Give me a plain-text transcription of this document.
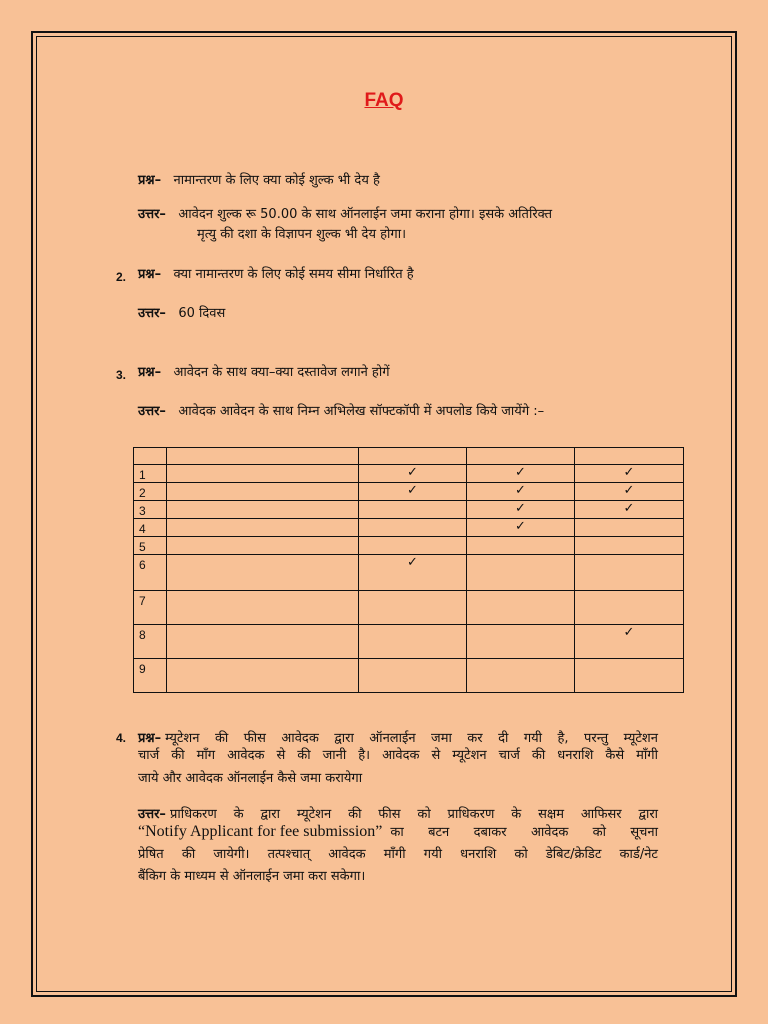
FAQ
प्रश्न– नामान्तरण के लिए क्या कोई शुल्क भी देय है
उत्तर– आवेदन शुल्क रू 50.00 के साथ ऑनलाईन जमा कराना होगा। इसके अतिरिक्त
मृत्यु की दशा के विज्ञापन शुल्क भी देय होगा।
2. प्रश्न– क्या नामान्तरण के लिए कोई समय सीमा निर्धारित है
उत्तर– 60 दिवस
3. प्रश्न– आवेदन के साथ क्या–क्या दस्तावेज लगाने होगें
उत्तर– आवेदक आवेदन के साथ निम्न अभिलेख सॉफ्टकॉपी में अपलोड किये जायेंगे :–

1		✓	✓	✓
2		✓	✓	✓
3			✓	✓
4			✓	
5				
6		✓		
7				
8				✓
9				
4. प्रश्न– म्यूटेशन की फीस आवेदक द्वारा ऑनलाईन जमा कर दी गयी है, परन्तु म्यूटेशन
चार्ज की माँग आवेदक से की जानी है। आवेदक से म्यूटेशन चार्ज की धनराशि कैसे माँगी
जाये और आवेदक ऑनलाईन कैसे जमा करायेगा
उत्तर– प्राधिकरण के द्वारा म्यूटेशन की फीस को प्राधिकरण के सक्षम आफिसर द्वारा
“Notify Applicant for fee submission” का बटन दबाकर आवेदक को सूचना
प्रेषित की जायेगी। तत्पश्चात् आवेदक माँगी गयी धनराशि को डेबिट/क्रेडिट कार्ड/नेट
बैंकिग के माध्यम से ऑनलाईन जमा करा सकेगा।
